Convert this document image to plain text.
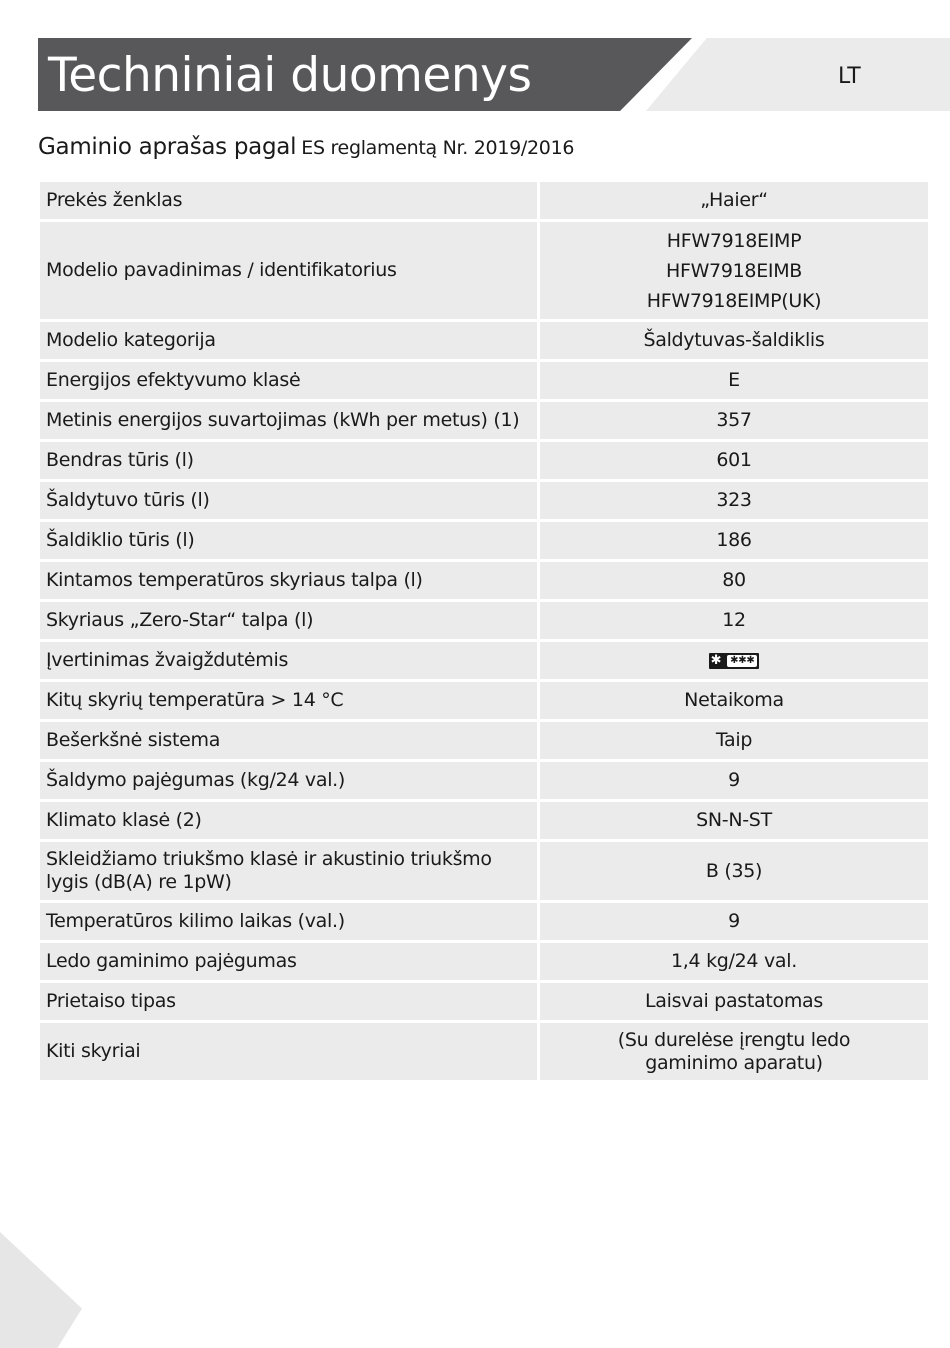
Techniniai duomenys	LT
Gaminio aprašas pagal ES reglamentą Nr. 2019/2016
Prekės ženklas	„Haier“
Modelio pavadinimas / identifikatorius	HFW7918EIMP
HFW7918EIMB
HFW7918EIMP(UK)

Modelio kategorija	Šaldytuvas-šaldiklis
Energijos efektyvumo klasė	E
Metinis energijos suvartojimas (kWh per metus) (1)	357
Bendras tūris (l)	601
Šaldytuvo tūris (l)	323
Šaldiklio tūris (l)	186
Kintamos temperatūros skyriaus talpa (l)	80
Skyriaus „Zero-Star“ talpa (l)	12
Įvertinimas žvaigždutėmis	✱ ✱✱✱
Kitų skyrių temperatūra > 14 °C	Netaikoma
Bešerkšnė sistema	Taip
Šaldymo pajėgumas (kg/24 val.)	9
Klimato klasė (2)	SN-N-ST
Skleidžiamo triukšmo klasė ir akustinio triukšmo lygis (dB(A) re 1pW)	B (35)
Temperatūros kilimo laikas (val.)	9
Ledo gaminimo pajėgumas	1,4 kg/24 val.
Prietaiso tipas	Laisvai pastatomas
Kiti skyriai	(Su durelėse įrengtu ledo gaminimo aparatu)
